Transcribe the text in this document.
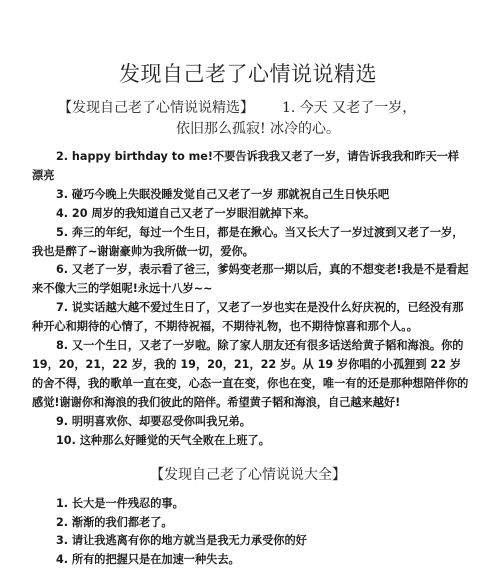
发现自己老了心情说说精选
【发现自己老了心情说说精选】 1. 今天 又老了一岁，
依旧那么孤寂! 冰冷的心。

2. happy birthday to me!不要告诉我我又老了一岁，请告诉我我和昨天一样漂亮

3. 碰巧今晚上失眠没睡发觉自己又老了一岁 那就祝自己生日快乐吧

4. 20 周岁的我知道自己又老了一岁眼泪就掉下来。

5. 奔三的年纪，每过一个生日，都是在揪心。当又长大了一岁过渡到又老了一岁，我也是醉了~谢谢豪帅为我所做一切，爱你。

6. 又老了一岁，表示看了爸三，爹妈变老那一期以后，真的不想变老!我是不是看起来不像大三的学姐呢!永远十八岁~~

7. 说实话越大越不爱过生日了，又老了一岁也实在是没什么好庆祝的，已经没有那种开心和期待的心情了，不期待祝福，不期待礼物，也不期待惊喜和那个人。。

8. 又一个生日，又老了一岁啦。除了家人朋友还有很多话送给黄子韬和海浪。你的 19，20，21，22 岁，我的 19，20，21，22 岁。从 19 岁你唱的小孤狸到 22 岁的舍不得，我的歌单一直在变，心态一直在变，你也在变，唯一有的还是那种想陪伴你的感觉!谢谢你和海浪的我们彼此的陪伴。希望黄子韬和海浪，自己越来越好!

9. 明明喜欢你、却要忍受你叫我兄弟。

10. 这种那么好睡觉的天气全败在上班了。

【发现自己老了心情说说大全】

1. 长大是一件残忍的事。

2. 渐渐的我们都老了。

3. 请让我逃离有你的地方就当是我无力承受你的好

4. 所有的把握只是在加速一种失去。
